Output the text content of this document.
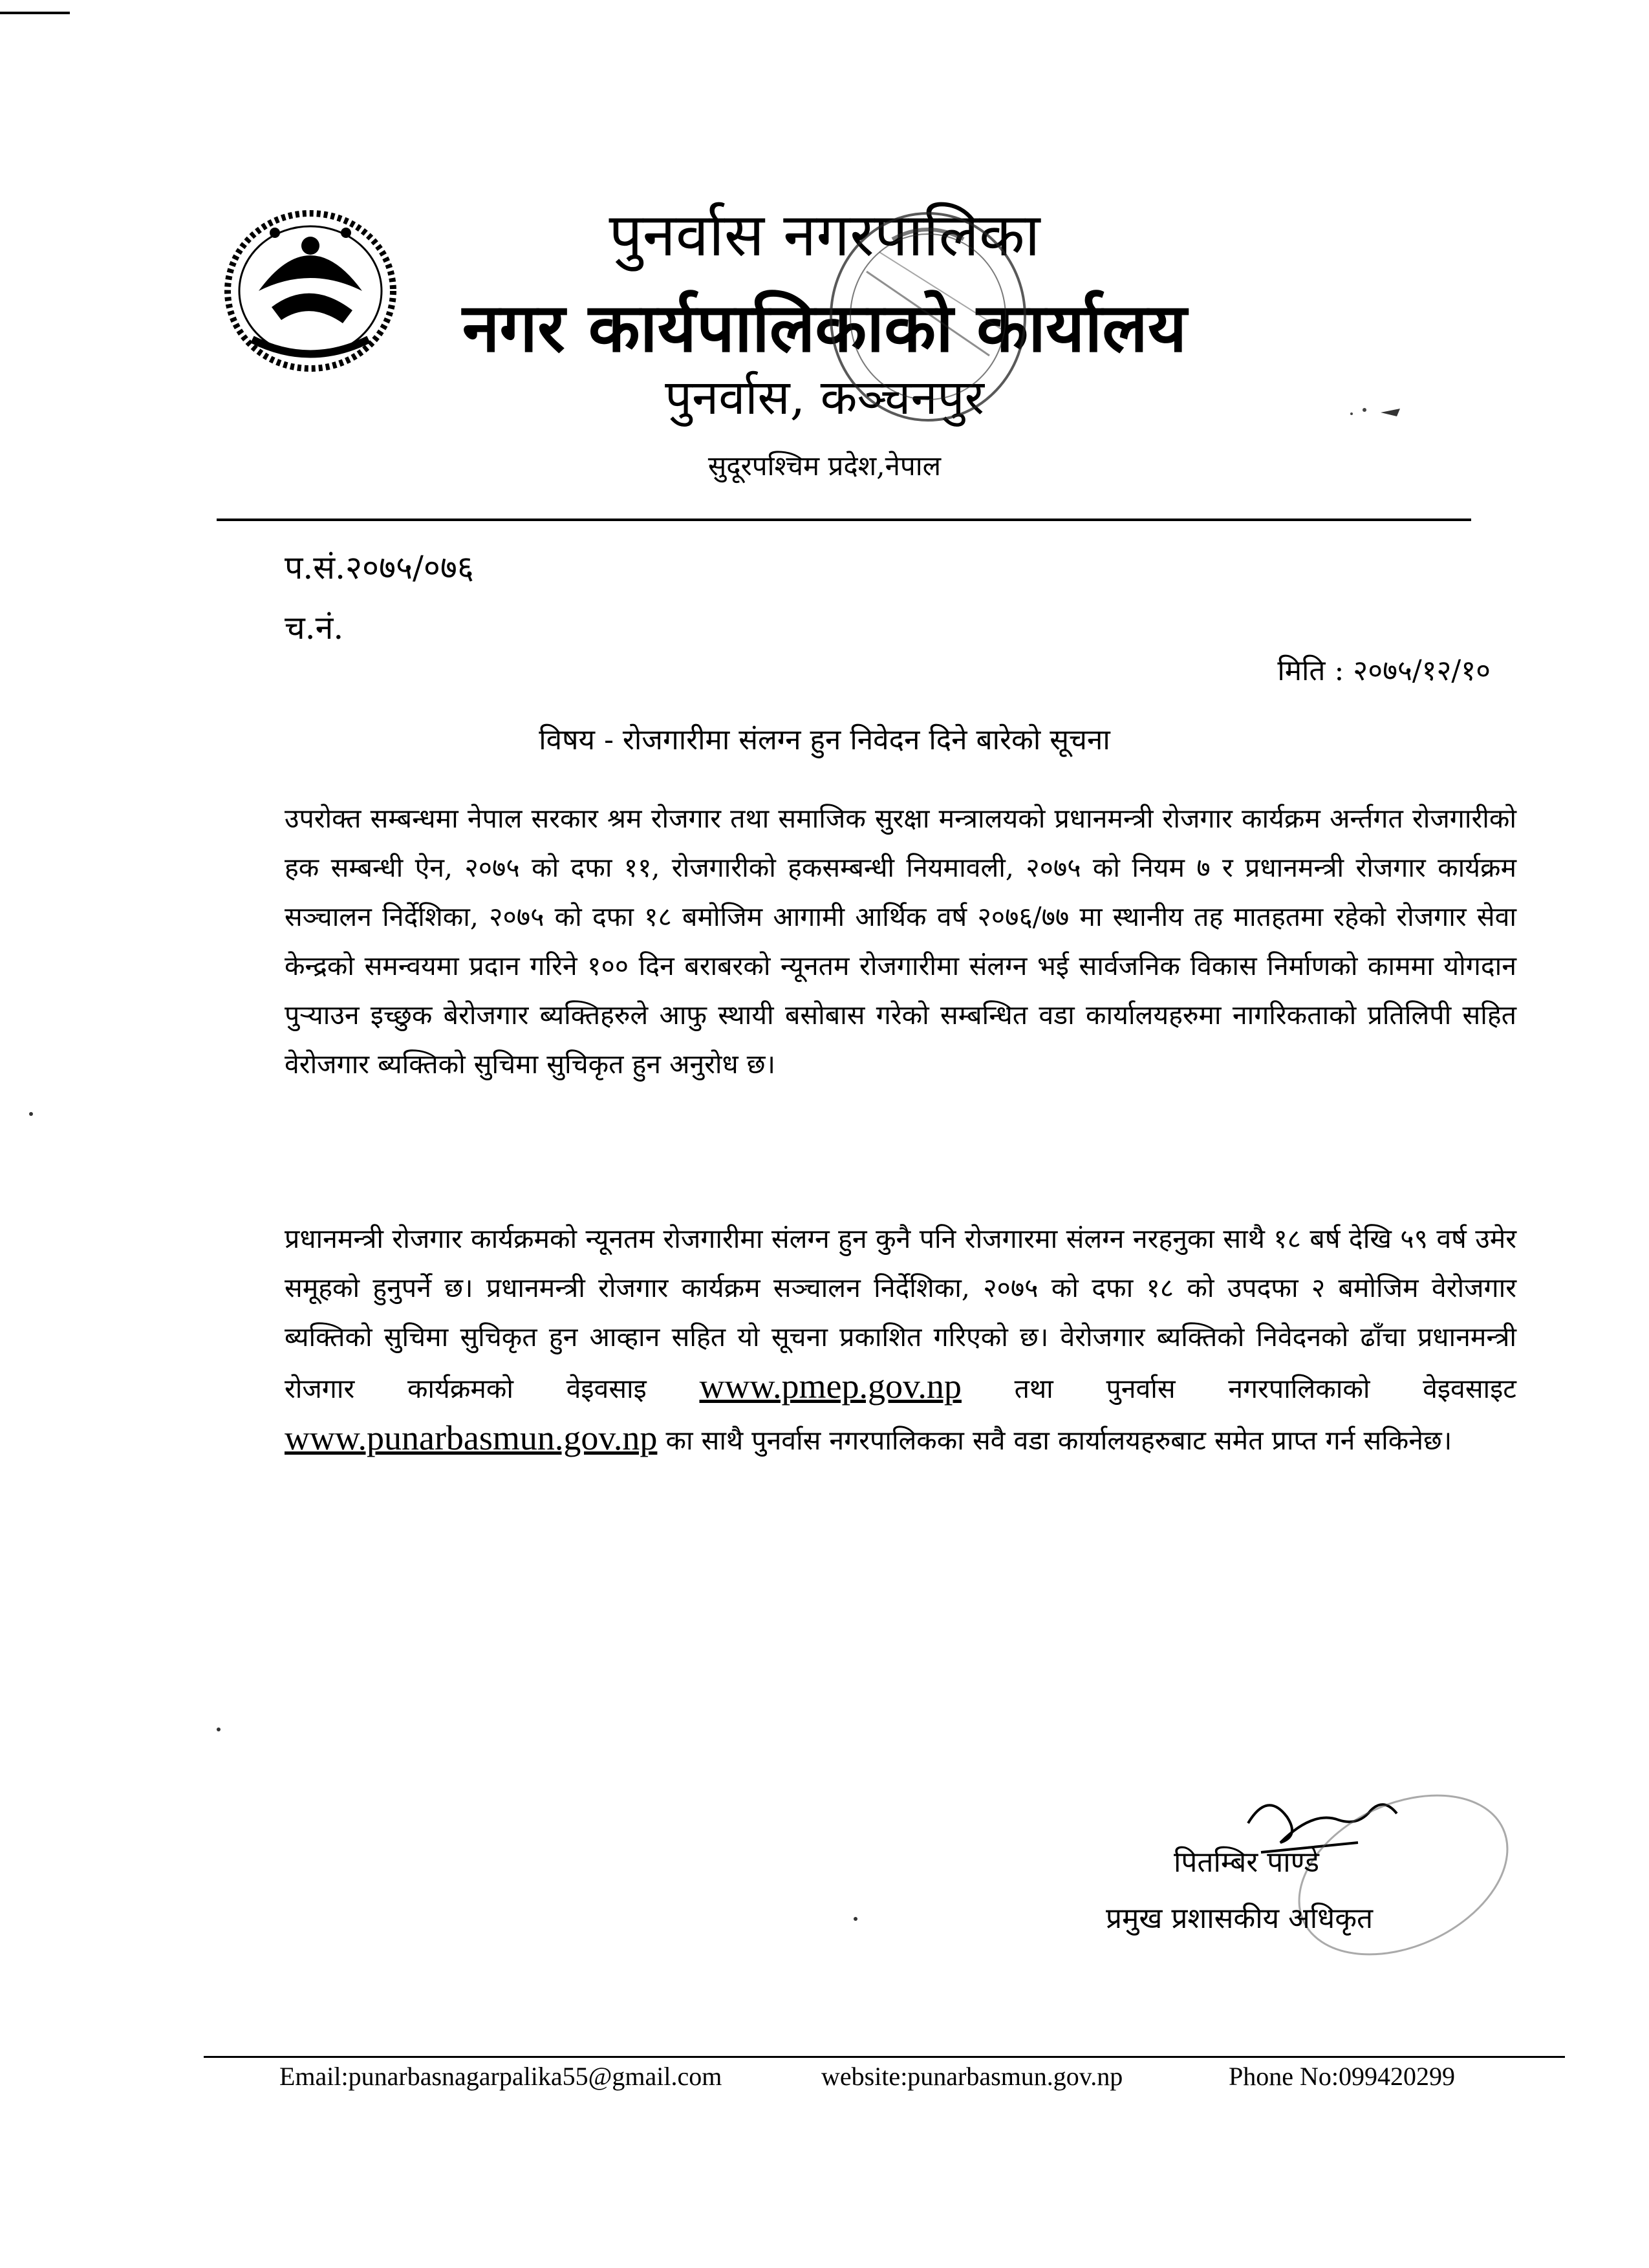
पुनर्वास नगरपालिका
नगर कार्यपालिकाको कार्यालय
पुनर्वास, कञ्चनपुर
सुदूरपश्चिम प्रदेश,नेपाल
प.सं.२०७५/०७६
च.नं.
मिति : २०७५/१२/१०
विषय - रोजगारीमा संलग्न हुन निवेदन दिने बारेको सूचना

उपरोक्त सम्बन्धमा नेपाल सरकार श्रम रोजगार तथा समाजिक सुरक्षा मन्त्रालयको प्रधानमन्त्री रोजगार कार्यक्रम अर्न्तगत रोजगारीको हक सम्बन्धी ऐन, २०७५ को दफा ११, रोजगारीको हकसम्बन्धी नियमावली, २०७५ को नियम ७ र प्रधानमन्त्री रोजगार कार्यक्रम सञ्चालन निर्देशिका, २०७५ को दफा १८ बमोजिम आगामी आर्थिक वर्ष २०७६/७७ मा स्थानीय तह मातहतमा रहेको रोजगार सेवा केन्द्रको समन्वयमा प्रदान गरिने १०० दिन बराबरको न्यूनतम रोजगारीमा संलग्न भई सार्वजनिक विकास निर्माणको काममा योगदान पुऱ्याउन इच्छुक बेरोजगार ब्यक्तिहरुले आफु स्थायी बसोबास गरेको सम्बन्धित वडा कार्यालयहरुमा नागरिकताको प्रतिलिपी सहित वेरोजगार ब्यक्तिको सुचिमा सुचिकृत हुन अनुरोध छ।

प्रधानमन्त्री रोजगार कार्यक्रमको न्यूनतम रोजगारीमा संलग्न हुन कुनै पनि रोजगारमा संलग्न नरहनुका साथै १८ बर्ष देखि ५९ वर्ष उमेर समूहको हुनुपर्ने छ। प्रधानमन्त्री रोजगार कार्यक्रम सञ्चालन निर्देशिका, २०७५ को दफा १८ को उपदफा २ बमोजिम वेरोजगार ब्यक्तिको सुचिमा सुचिकृत हुन आव्हान सहित यो सूचना प्रकाशित गरिएको छ। वेरोजगार ब्यक्तिको निवेदनको ढाँचा प्रधानमन्त्री रोजगार कार्यक्रमको वेइवसाइ www.pmep.gov.np तथा पुनर्वास नगरपालिकाको वेइवसाइट www.punarbasmun.gov.np का साथै पुनर्वास नगरपालिकका सवै वडा कार्यालयहरुबाट समेत प्राप्त गर्न सकिनेछ।

पितम्बिर पाण्डे
प्रमुख प्रशासकीय अधिकृत
Email:punarbasnagarpalika55@gmail.com	website:punarbasmun.gov.np	Phone No:099420299
